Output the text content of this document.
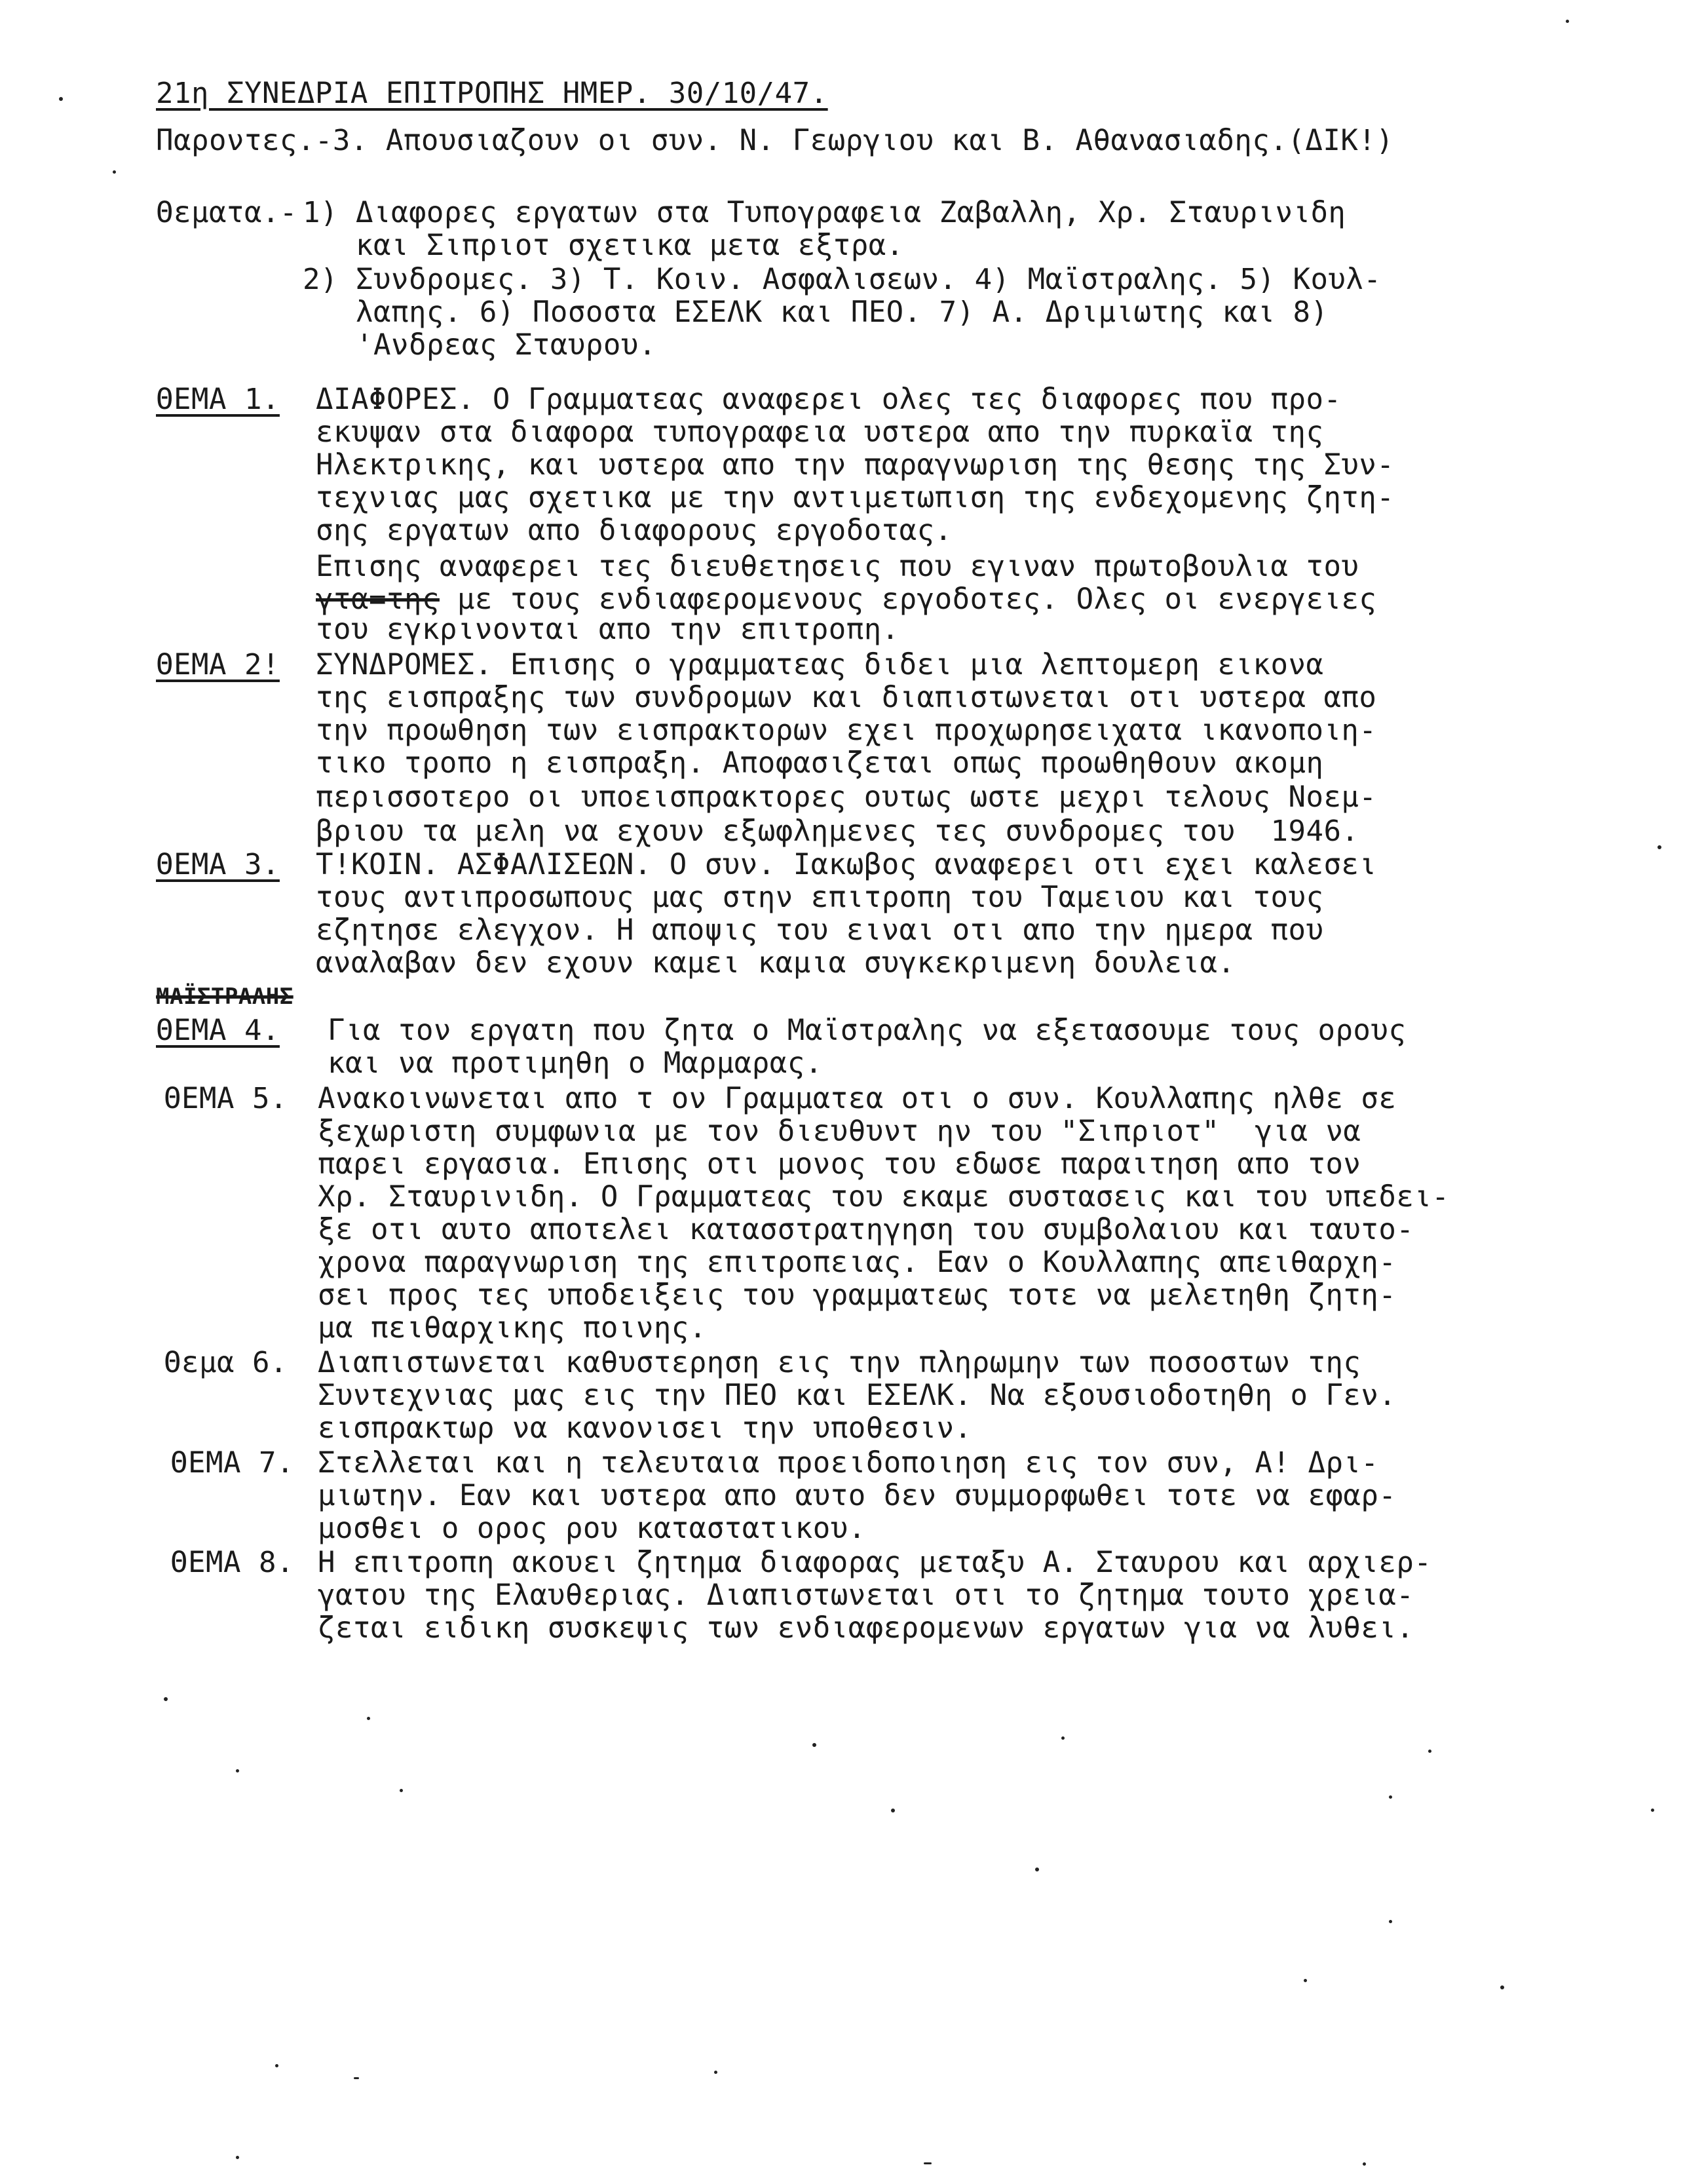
21η ΣΥΝΕΔΡΙΑ ΕΠΙΤΡΟΠΗΣ ΗΜΕΡ. 30/10/47.
Παροντες.-3. Απουσιαζουν οι συν. Ν. Γεωργιου και Β. Αθανασιαδης.(ΔΙΚ!)
Θεματα.- 1) Διαφορες εργατων στα Τυπογραφεια Ζαβαλλη, Χρ. Σταυρινιδη
και Σιπριοτ σχετικα μετα εξτρα.
2) Συνδρομες. 3) Τ. Κοιν. Ασφαλισεων. 4) Μαϊστραλης. 5) Κουλ-
λαπης. 6) Ποσοστα ΕΣΕΛΚ και ΠΕΟ. 7) Α. Δριμιωτης και 8)
'Ανδρεας Σταυρου.
ΘΕΜΑ 1. ΔΙΑΦΟΡΕΣ. Ο Γραμματεας αναφερει ολες τες διαφορες που προ-
εκυψαν στα διαφορα τυπογραφεια υστερα απο την πυρκαϊα της
Ηλεκτρικης, και υστερα απο την παραγνωριση της θεσης της Συν-
τεχνιας μας σχετικα με την αντιμετωπιση της ενδεχομενης ζητη-
σης εργατων απο διαφορους εργοδοτας.
Επισης αναφερει τες διευθετησεις που εγιναν πρωτοβουλια του
γτα=της με τους ενδιαφερομενους εργοδοτες. Ολες οι ενεργειες
του εγκρινονται απο την επιτροπη.
ΘΕΜΑ 2! ΣΥΝΔΡΟΜΕΣ. Επισης ο γραμματεας διδει μια λεπτομερη εικονα
της εισπραξης των συνδρομων και διαπιστωνεται οτι υστερα απο
την προωθηση των εισπρακτορων εχει προχωρησειχατα ικανοποιη-
τικο τροπο η εισπραξη. Αποφασιζεται οπως προωθηθουν ακομη
περισσοτερο οι υποεισπρακτορες ουτως ωστε μεχρι τελους Νοεμ-
βριου τα μελη να εχουν εξωφλημενες τες συνδρομες του  1946.
ΘΕΜΑ 3. Τ!ΚΟΙΝ. ΑΣΦΑΛΙΣΕΩΝ. Ο συν. Ιακωβος αναφερει οτι εχει καλεσει
τους αντιπροσωπους μας στην επιτροπη του Ταμειου και τους
εζητησε ελεγχον. Η αποψις του ειναι οτι απο την ημερα που
αναλαβαν δεν εχουν καμει καμια συγκεκριμενη δουλεια.
ΜΑΪΣΤΡΑΛΗΣ
ΘΕΜΑ 4. Για τον εργατη που ζητα ο Μαϊστραλης να εξετασουμε τους ορους
και να προτιμηθη ο Μαρμαρας.
ΘΕΜΑ 5. Ανακοινωνεται απο τ ον Γραμματεα οτι ο συν. Κουλλαπης ηλθε σε
ξεχωριστη συμφωνια με τον διευθυντ ην του "Σιπριοτ"  για να
παρει εργασια. Επισης οτι μονος του εδωσε παραιτηση απο τον
Χρ. Σταυρινιδη. Ο Γραμματεας του εκαμε συστασεις και του υπεδει-
ξε οτι αυτο αποτελει κατασστρατηγηση του συμβολαιου και ταυτο-
χρονα παραγνωριση της επιτροπειας. Εαν ο Κουλλαπης απειθαρχη-
σει προς τες υποδειξεις του γραμματεως τοτε να μελετηθη ζητη-
μα πειθαρχικης ποινης.
Θεμα 6. Διαπιστωνεται καθυστερηση εις την πληρωμην των ποσοστων της
Συντεχνιας μας εις την ΠΕΟ και ΕΣΕΛΚ. Να εξουσιοδοτηθη ο Γεν.
εισπρακτωρ να κανονισει την υποθεσιν.
ΘΕΜΑ 7. Στελλεται και η τελευταια προειδοποιηση εις τον συν, Α! Δρι-
μιωτην. Εαν και υστερα απο αυτο δεν συμμορφωθει τοτε να εφαρ-
μοσθει ο ορος ρου καταστατικου.
ΘΕΜΑ 8. Η επιτροπη ακουει ζητημα διαφορας μεταξυ Α. Σταυρου και αρχιερ-
γατου της Ελαυθεριας. Διαπιστωνεται οτι το ζητημα τουτο χρεια-
ζεται ειδικη συσκεψις των ενδιαφερομενων εργατων για να λυθει.
